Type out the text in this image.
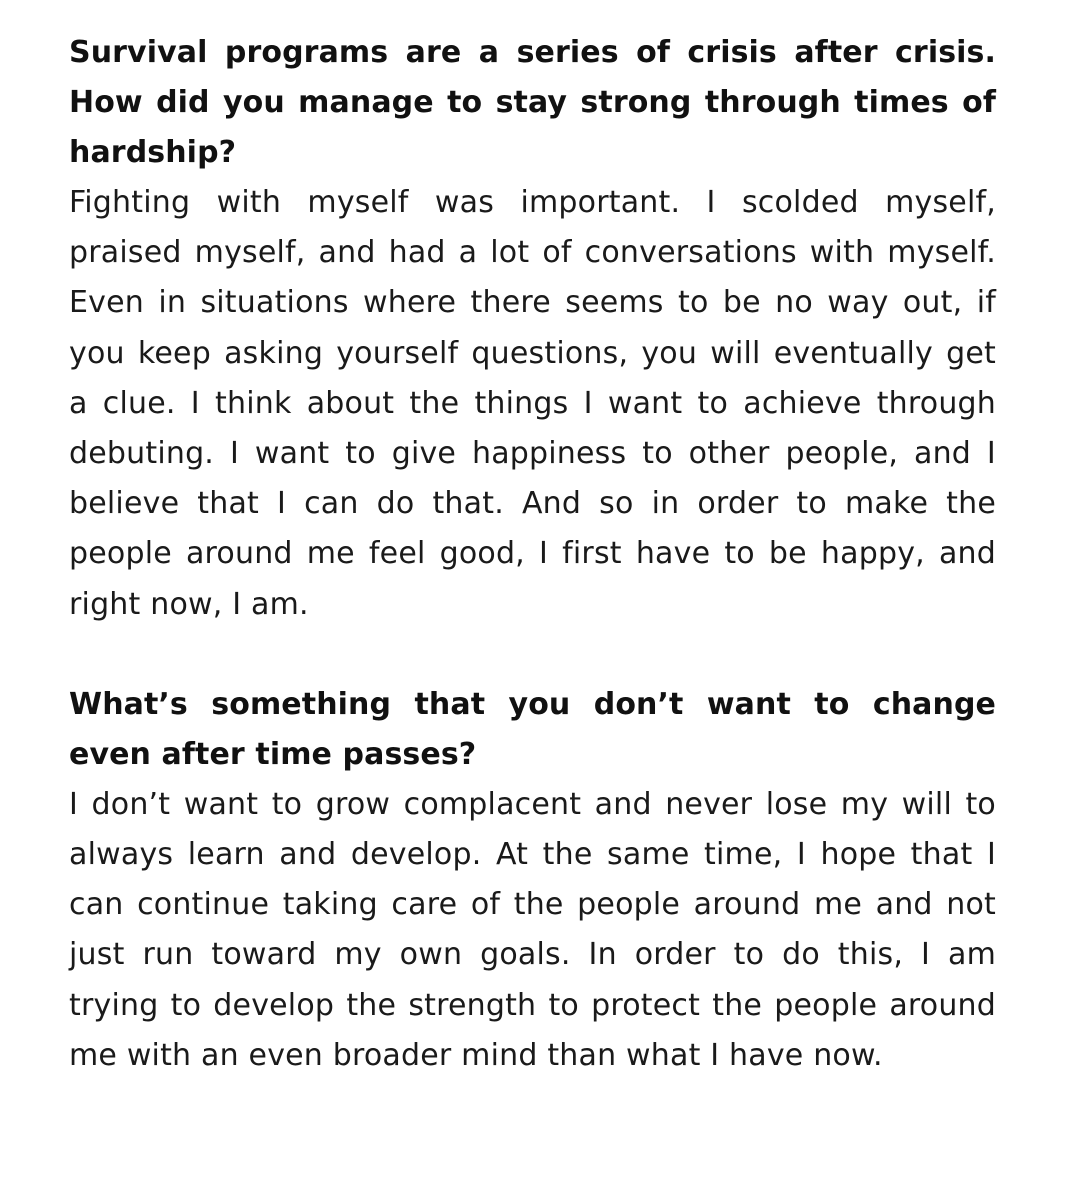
Survival programs are a series of crisis after crisis. How did you manage to stay strong through times of hardship?

Fighting with myself was important. I scolded myself, praised myself, and had a lot of conversations with myself. Even in situations where there seems to be no way out, if you keep asking yourself questions, you will eventually get a clue. I think about the things I want to achieve through debuting. I want to give happiness to other people, and I believe that I can do that. And so in order to make the people around me feel good, I first have to be happy, and right now, I am.

What’s something that you don’t want to change even after time passes?

I don’t want to grow complacent and never lose my will to always learn and develop. At the same time, I hope that I can continue taking care of the people around me and not just run toward my own goals. In order to do this, I am trying to develop the strength to protect the people around me with an even broader mind than what I have now.
